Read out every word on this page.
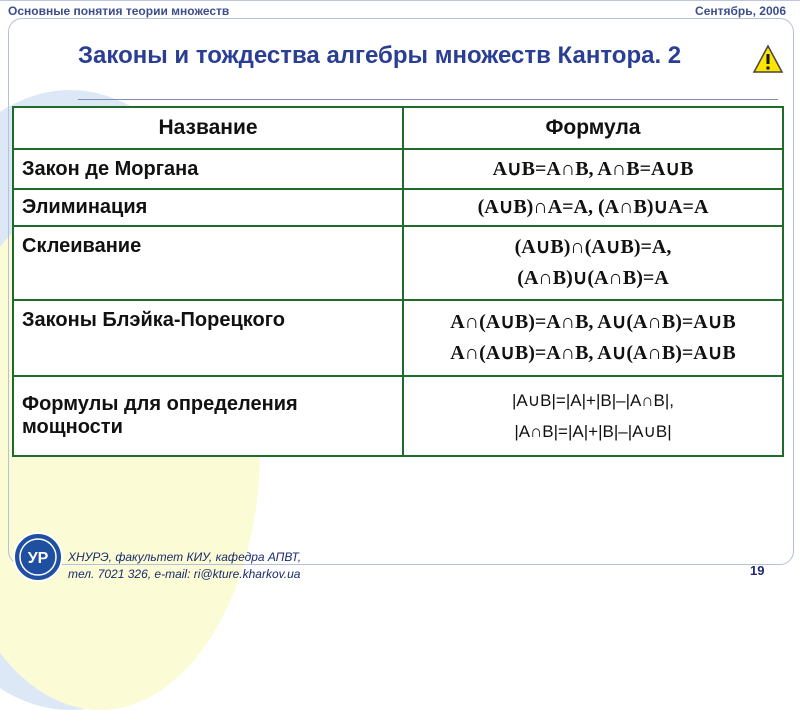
Основные понятия теории множеств	Сентябрь, 2006
Законы и тождества алгебры множеств Кантора. 2
Название	Формула
Закон де Моргана	A∪B=A∩B, A∩B=A∪B

Элиминация	(A∪B)∩A=A, (A∩B)∪A=A

Склеивание	(A∪B)∩(A∪B)=A,
(A∩B)∪(A∩B)=A

Законы Блэйка-Порецкого	A∩(A∪B)=A∩B, A∪(A∩B)=A∪B
A∩(A∪B)=A∩B, A∪(A∩B)=A∪B

Формулы для определения мощности	|A∪B|=|A|+|B|–|A∩B|,
|A∩B|=|A|+|B|–|A∪B|
УР ХНУРЭ, факультет КИУ, кафедра АПВТ,
тел. 7021 326, e-mail: ri@kture.kharkov.ua	19
